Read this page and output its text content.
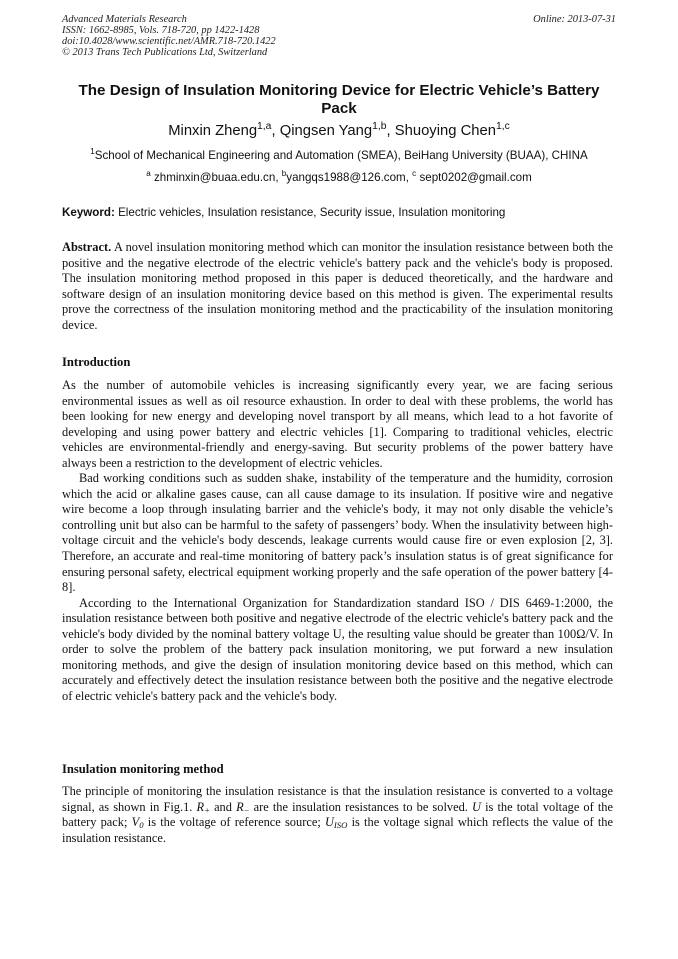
Advanced Materials Research
ISSN: 1662-8985, Vols. 718-720, pp 1422-1428
doi:10.4028/www.scientific.net/AMR.718-720.1422
© 2013 Trans Tech Publications Ltd, Switzerland
Online: 2013-07-31
The Design of Insulation Monitoring Device for Electric Vehicle’s Battery Pack
Minxin Zheng$^{1,a}$, Qingsen Yang$^{1,b}$, Shuoying Chen$^{1,c}$
$^1$School of Mechanical Engineering and Automation (SMEA), BeiHang University (BUAA), CHINA
$^a$ zhminxin@buaa.edu.cn, $^b$yangqs1988@126.com, $^c$ sept0202@gmail.com
Keyword: Electric vehicles, Insulation resistance, Security issue, Insulation monitoring

Abstract. A novel insulation monitoring method which can monitor the insulation resistance between both the positive and the negative electrode of the electric vehicle's battery pack and the vehicle's body is proposed. The insulation monitoring method proposed in this paper is deduced theoretically, and the hardware and software design of an insulation monitoring device based on this method is given. The experimental results prove the correctness of the insulation monitoring method and the practicability of the insulation monitoring device.

Introduction

As the number of automobile vehicles is increasing significantly every year, we are facing serious environmental issues as well as oil resource exhaustion. In order to deal with these problems, the world has been looking for new energy and developing novel transport by all means, which lead to a hot favorite of developing and using power battery and electric vehicles [1]. Comparing to traditional vehicles, electric vehicles are environmental-friendly and energy-saving. But security problems of the power battery have always been a restriction to the development of electric vehicles.

Bad working conditions such as sudden shake, instability of the temperature and the humidity, corrosion which the acid or alkaline gases cause, can all cause damage to its insulation. If positive wire and negative wire become a loop through insulating barrier and the vehicle's body, it may not only disable the vehicle’s controlling unit but also can be harmful to the safety of passengers’ body. When the insulativity between high-voltage circuit and the vehicle's body descends, leakage currents would cause fire or even explosion [2, 3]. Therefore, an accurate and real-time monitoring of battery pack’s insulation status is of great significance for ensuring personal safety, electrical equipment working properly and the safe operation of the power battery [4-8].

According to the International Organization for Standardization standard ISO / DIS 6469-1:2000, the insulation resistance between both positive and negative electrode of the electric vehicle's battery pack and the vehicle's body divided by the nominal battery voltage U, the resulting value should be greater than 100Ω/V. In order to solve the problem of the battery pack insulation monitoring, we put forward a new insulation monitoring methods, and give the design of insulation monitoring device based on this method, which can accurately and effectively detect the insulation resistance between both the positive and the negative electrode of electric vehicle's battery pack and the vehicle's body.

Insulation monitoring method

The principle of monitoring the insulation resistance is that the insulation resistance is converted to a voltage signal, as shown in Fig.1. $R_+$ and $R_-$ are the insulation resistances to be solved. U is the total voltage of the battery pack; $V_0$ is the voltage of reference source; $U_{ISO}$ is the voltage signal which reflects the value of the insulation resistance.
